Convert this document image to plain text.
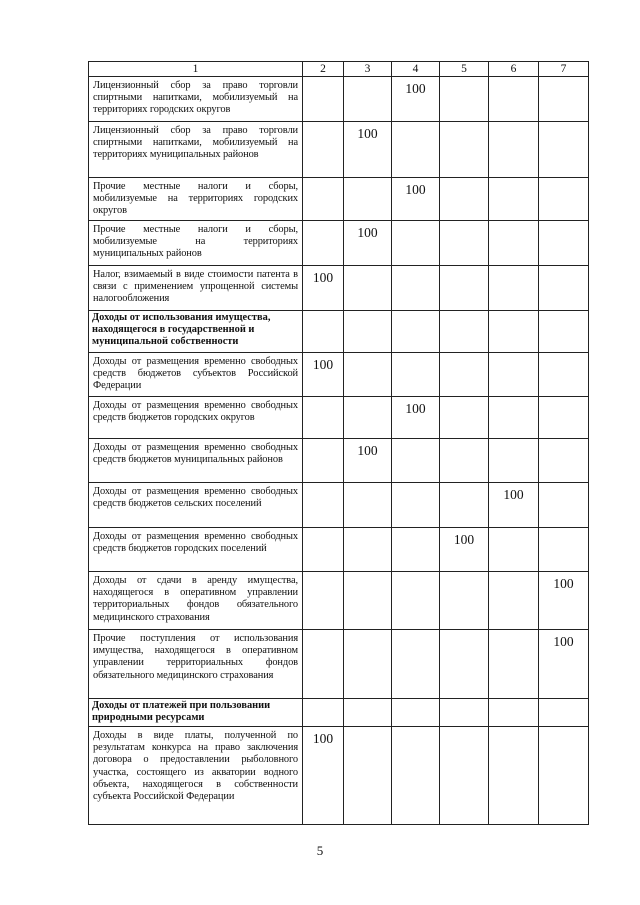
1	2	3	4	5	6	7
Лицензионный сбор за право торговли спиртными напитками, мобилизуемый на территориях городских округов			100			
Лицензионный сбор за право торговли спиртными напитками, мобилизуемый на территориях муниципальных районов		100				
Прочие местные налоги и сборы, мобилизуемые на территориях городских округов			100			
Прочие местные налоги и сборы, мобилизуемые на территориях муниципальных районов		100				
Налог, взимаемый в виде стоимости патента в связи с применением упрощенной системы налогообложения	100					
Доходы от использования имущества, находящегося в государственной и муниципальной собственности						
Доходы от размещения временно свободных средств бюджетов субъектов Российской Федерации	100					
Доходы от размещения временно свободных средств бюджетов городских округов			100			
Доходы от размещения временно свободных средств бюджетов муниципальных районов		100				
Доходы от размещения временно свободных средств бюджетов сельских поселений					100	
Доходы от размещения временно свободных средств бюджетов городских поселений				100		
Доходы от сдачи в аренду имущества, находящегося в оперативном управлении территориальных фондов обязательного медицинского страхования						100
Прочие поступления от использования имущества, находящегося в оперативном управлении территориальных фондов обязательного медицинского страхования						100
Доходы от платежей при пользовании природными ресурсами						
Доходы в виде платы, полученной по результатам конкурса на право заключения договора о предоставлении рыболовного участка, состоящего из акватории водного объекта, находящегося в собственности субъекта Российской Федерации	100					
5
